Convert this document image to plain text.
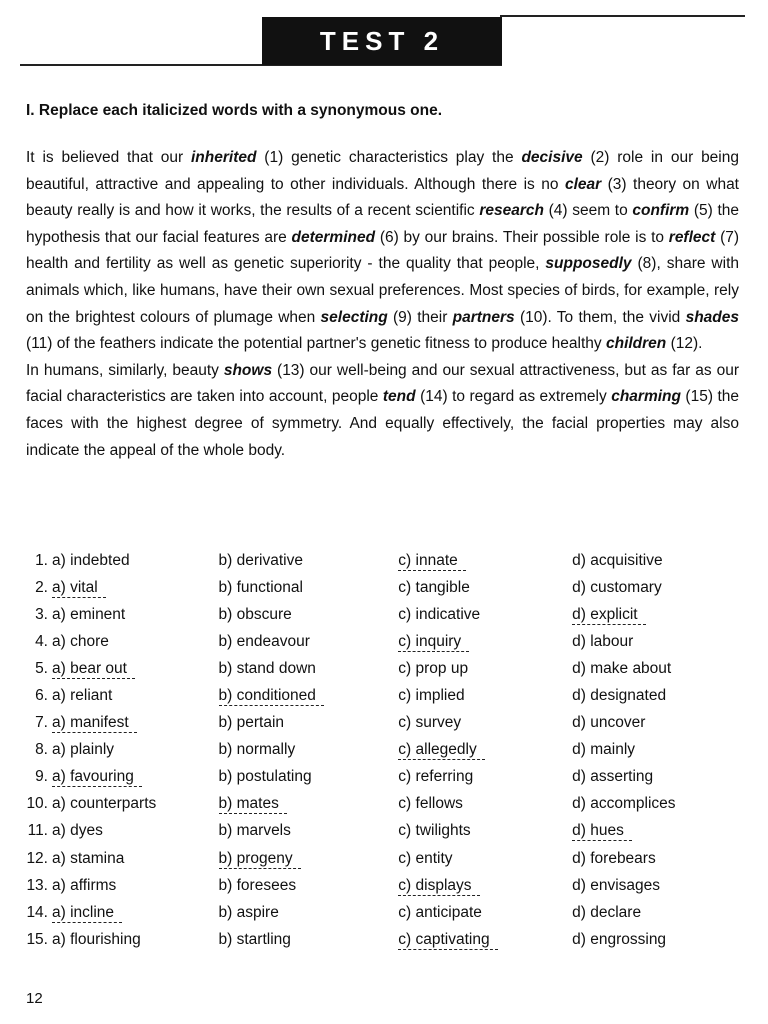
TEST 2

I. Replace each italicized words with a synonymous one.

It is believed that our inherited (1) genetic characteristics play the decisive (2) role in our being beautiful, attractive and appealing to other individuals. Although there is no clear (3) theory on what beauty really is and how it works, the results of a recent scientific research (4) seem to confirm (5) the hypothesis that our facial features are determined (6) by our brains. Their possible role is to reflect (7) health and fertility as well as genetic superiority - the quality that people, supposedly (8), share with animals which, like humans, have their own sexual preferences. Most species of birds, for example, rely on the brightest colours of plumage when selecting (9) their partners (10). To them, the vivid shades (11) of the feathers indicate the potential partner's genetic fitness to produce healthy children (12).

In humans, similarly, beauty shows (13) our well-being and our sexual attractiveness, but as far as our facial characteristics are taken into account, people tend (14) to regard as extremely charming (15) the faces with the highest degree of symmetry. And equally effectively, the facial properties may also indicate the appeal of the whole body.

1. a) indebted	b) derivative	c) innate	d) acquisitive
2. a) vital	b) functional	c) tangible	d) customary
3. a) eminent	b) obscure	c) indicative	d) explicit
4. a) chore	b) endeavour	c) inquiry	d) labour
5. a) bear out	b) stand down	c) prop up	d) make about
6. a) reliant	b) conditioned	c) implied	d) designated
7. a) manifest	b) pertain	c) survey	d) uncover
8. a) plainly	b) normally	c) allegedly	d) mainly
9. a) favouring	b) postulating	c) referring	d) asserting
10. a) counterparts	b) mates	c) fellows	d) accomplices
11. a) dyes	b) marvels	c) twilights	d) hues
12. a) stamina	b) progeny	c) entity	d) forebears
13. a) affirms	b) foresees	c) displays	d) envisages
14. a) incline	b) aspire	c) anticipate	d) declare
15. a) flourishing	b) startling	c) captivating	d) engrossing
12
